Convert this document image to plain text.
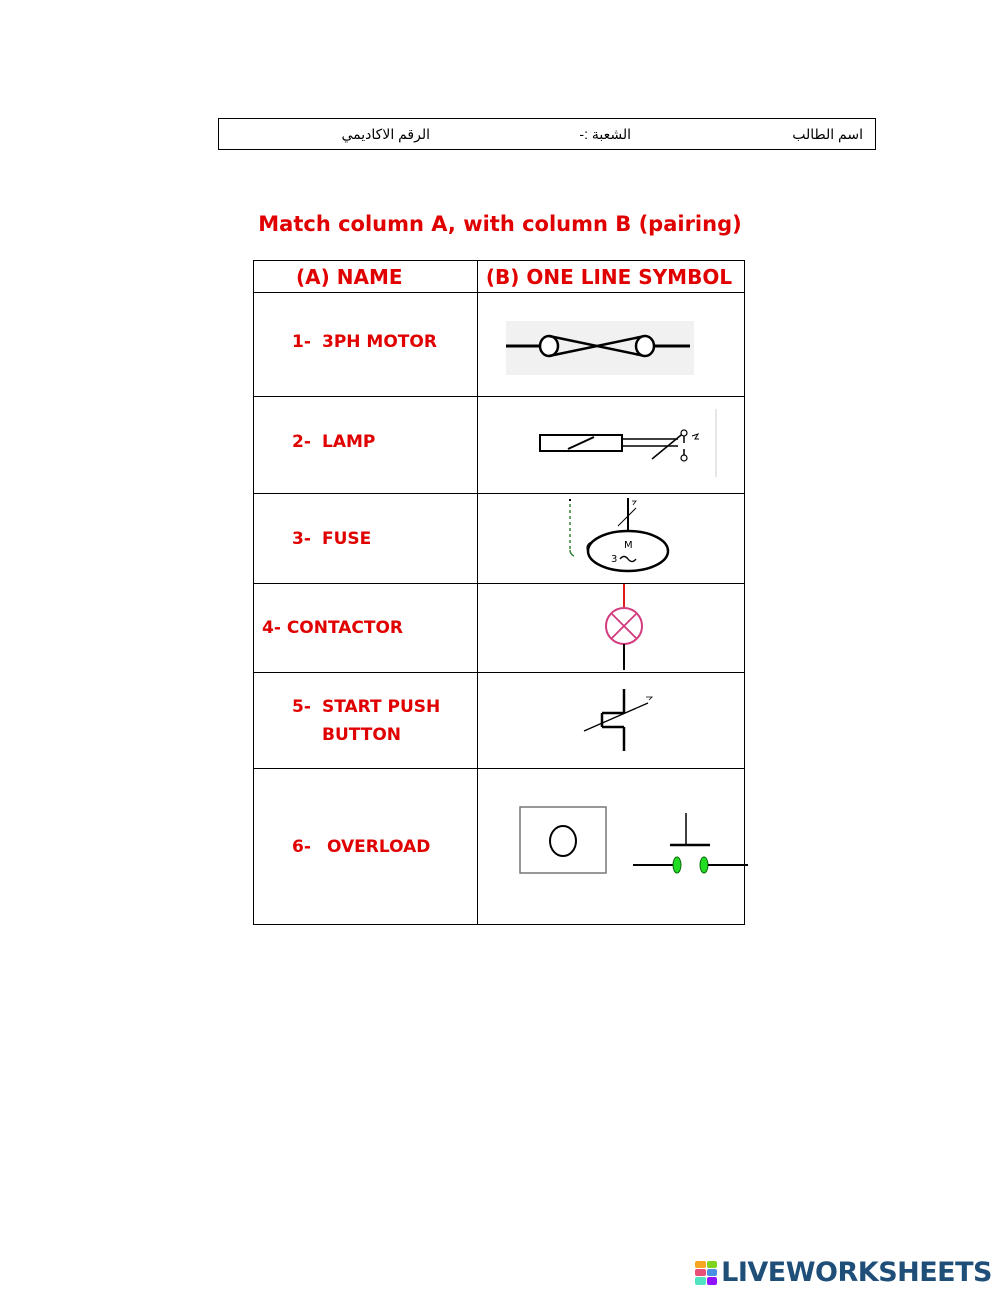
اسم الطالب
الشعبة :-
الرقم الاكاديمي
Match column A, with column B (pairing)
(A) NAME	(B) ONE LINE SYMBOL

1- 3PH MOTOR

2- LAMP

3- FUSE	M
3

4- CONTACTOR

5- START PUSH
BUTTON

6- OVERLOAD

LIVEWORKSHEETS
